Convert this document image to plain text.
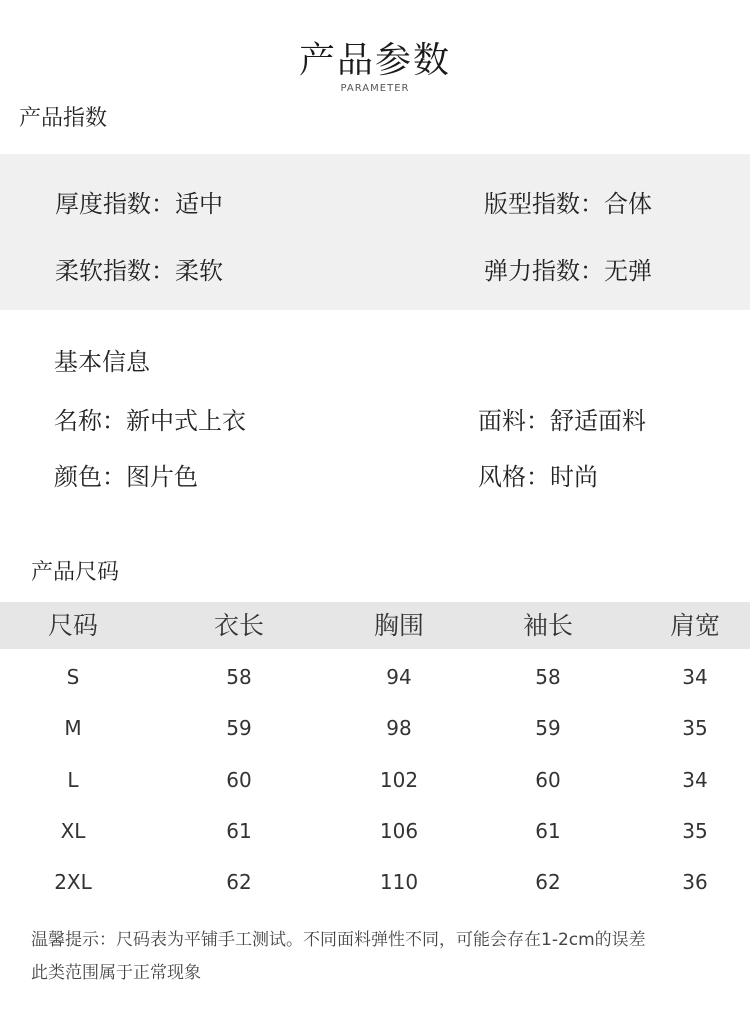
产品参数
PARAMETER
产品指数
厚度指数：适中	版型指数：合体
柔软指数：柔软	弹力指数：无弹
基本信息
名称：新中式上衣	面料：舒适面料
颜色：图片色	风格：时尚
产品尺码
尺码	衣长	胸围	袖长	肩宽
S	58	94	58	34
M	59	98	59	35
L	60	102	60	34
XL	61	106	61	35
2XL	62	110	62	36
温馨提示：尺码表为平铺手工测试。不同面料弹性不同，可能会存在1-2cm的误差
此类范围属于正常现象
